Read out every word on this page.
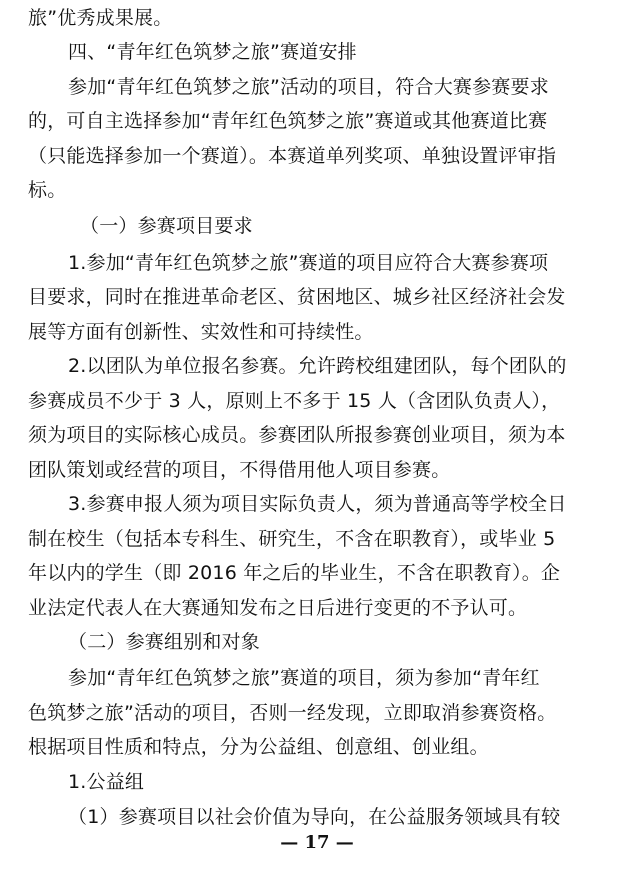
旅”优秀成果展。
四、“青年红色筑梦之旅”赛道安排
参加“青年红色筑梦之旅”活动的项目，符合大赛参赛要求
的，可自主选择参加“青年红色筑梦之旅”赛道或其他赛道比赛
（只能选择参加一个赛道）。本赛道单列奖项、单独设置评审指
标。
（一）参赛项目要求
1.参加“青年红色筑梦之旅”赛道的项目应符合大赛参赛项
目要求，同时在推进革命老区、贫困地区、城乡社区经济社会发
展等方面有创新性、实效性和可持续性。
2.以团队为单位报名参赛。允许跨校组建团队，每个团队的
参赛成员不少于 3 人，原则上不多于 15 人（含团队负责人），
须为项目的实际核心成员。参赛团队所报参赛创业项目，须为本
团队策划或经营的项目，不得借用他人项目参赛。
3.参赛申报人须为项目实际负责人，须为普通高等学校全日
制在校生（包括本专科生、研究生，不含在职教育），或毕业 5
年以内的学生（即 2016 年之后的毕业生，不含在职教育）。企
业法定代表人在大赛通知发布之日后进行变更的不予认可。
（二）参赛组别和对象
参加“青年红色筑梦之旅”赛道的项目，须为参加“青年红
色筑梦之旅”活动的项目，否则一经发现，立即取消参赛资格。
根据项目性质和特点，分为公益组、创意组、创业组。
1.公益组
（1）参赛项目以社会价值为导向，在公益服务领域具有较
— 17 —
